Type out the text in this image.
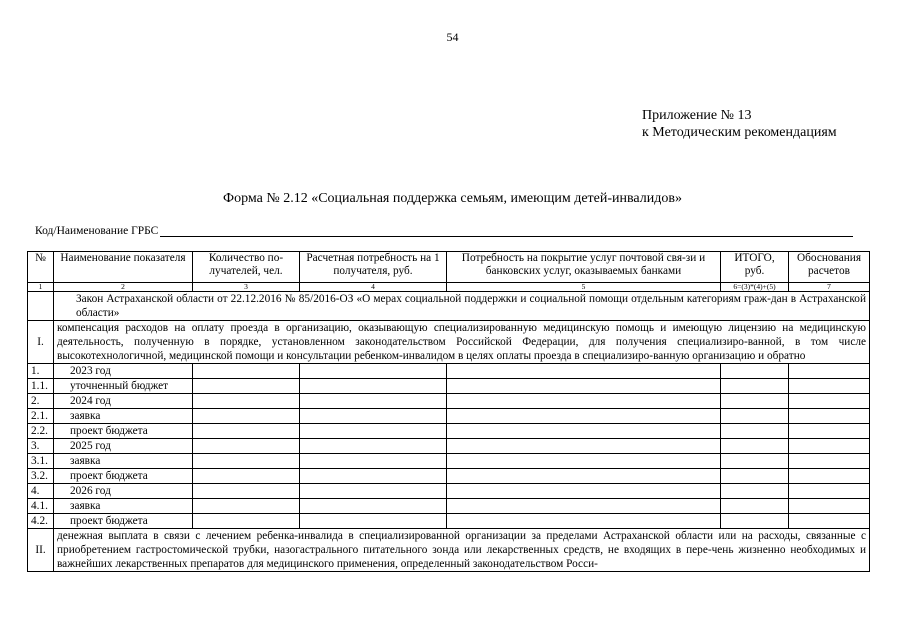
54
Приложение № 13
к Методическим рекомендациям
Форма № 2.12 «Социальная поддержка семьям, имеющим детей-инвалидов»
Код/Наименование ГРБС
№	Наименование показателя	Количество по-лучателей, чел.	Расчетная потребность на 1 получателя, руб.	Потребность на покрытие услуг почтовой свя-зи и банковских услуг, оказываемых банками	ИТОГО, руб.	Обоснования расчетов
1	2	3	4	5	6=(3)*(4)+(5)	7
	Закон Астраханской области от 22.12.2016 № 85/2016-ОЗ «О мерах социальной поддержки и социальной помощи отдельным категориям граж-дан в Астраханской области»					
I.	компенсация расходов на оплату проезда в организацию, оказывающую специализированную медицинскую помощь и имеющую лицензию на медицинскую деятельность, полученную в порядке, установленном законодательством Российской Федерации, для получения специализиро-ванной, в том числе высокотехнологичной, медицинской помощи и консультации ребенком-инвалидом в целях оплаты проезда в специализиро-ванную организацию и обратно					
1.	2023 год					
1.1.	уточненный бюджет					
2.	2024 год					
2.1.	заявка					
2.2.	проект бюджета					
3.	2025 год					
3.1.	заявка					
3.2.	проект бюджета					
4.	2026 год					
4.1.	заявка					
4.2.	проект бюджета					
II.	денежная выплата в связи с лечением ребенка-инвалида в специализированной организации за пределами Астраханской области или на расходы, связанные с приобретением гастростомической трубки, назогастрального питательного зонда или лекарственных средств, не входящих в пере-чень жизненно необходимых и важнейших лекарственных препаратов для медицинского применения, определенный законодательством Росси-					
